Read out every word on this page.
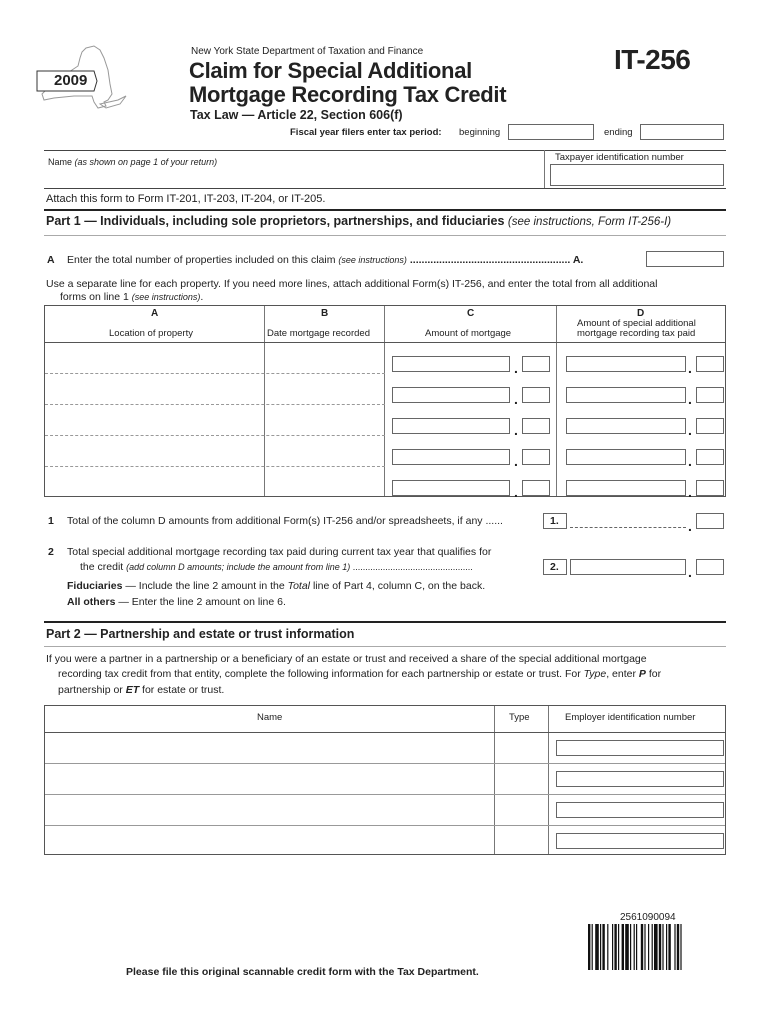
2009
New York State Department of Taxation and Finance
Claim for Special Additional
Mortgage Recording Tax Credit
Tax Law — Article 22, Section 606(f)
IT-256
Fiscal year filers enter tax period: beginning	ending
Name (as shown on page 1 of your return)	Taxpayer identification number
Attach this form to Form IT-201, IT-203, IT-204, or IT-205.
Part 1 — Individuals, including sole proprietors, partnerships, and fiduciaries (see instructions, Form IT-256-I)
A Enter the total number of properties included on this claim (see instructions) ....................................................... A.
Use a separate line for each property. If you need more lines, attach additional Form(s) IT-256, and enter the total from all additional
forms on line 1 (see instructions).
A
Location of property
B
Date mortgage recorded
C
Amount of mortgage
D
Amount of special additional
mortgage recording tax paid
.	.
.	.
.	.
.	.
.	.
1 Total of the column D amounts from additional Form(s) IT-256 and/or spreadsheets, if any ......	1.	.
2 Total special additional mortgage recording tax paid during current tax year that qualifies for
the credit (add column D amounts; include the amount from line 1) ................................................	2.	.
Fiduciaries — Include the line 2 amount in the Total line of Part 4, column C, on the back.
All others — Enter the line 2 amount on line 6.
Part 2 — Partnership and estate or trust information
If you were a partner in a partnership or a beneficiary of an estate or trust and received a share of the special additional mortgage
recording tax credit from that entity, complete the following information for each partnership or estate or trust. For Type, enter P for
partnership or ET for estate or trust.
Name	Type	Employer identification number
2561090094
Please file this original scannable credit form with the Tax Department.
